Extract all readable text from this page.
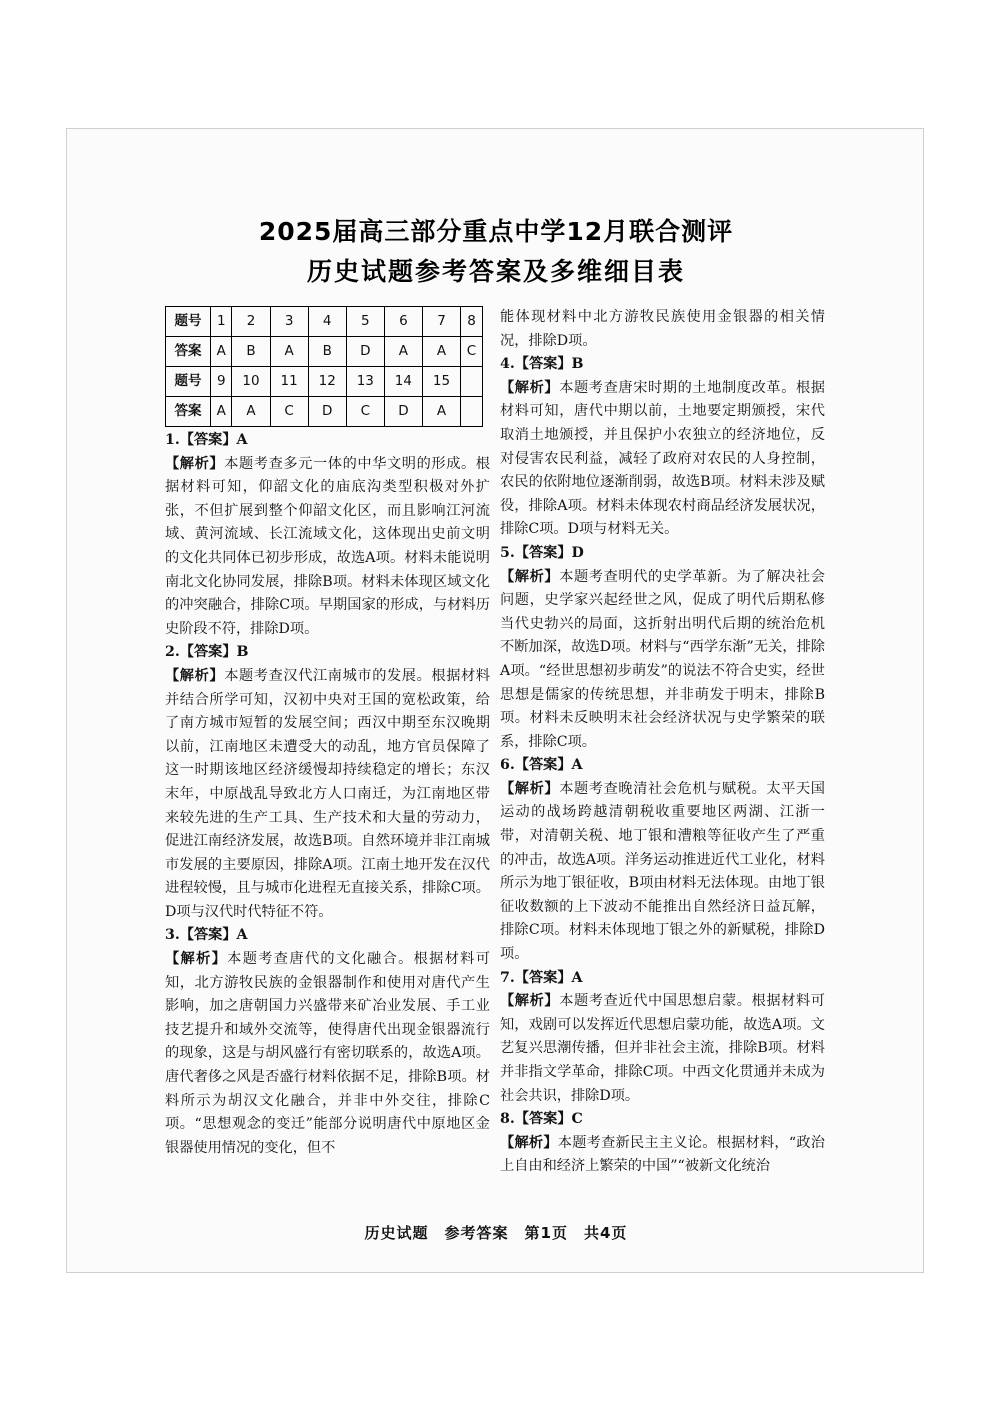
2025届高三部分重点中学12月联合测评
历史试题参考答案及多维细目表
题号	1	2	3	4	5	6	7	8
答案	A	B	A	B	D	A	A	C
题号	9	10	11	12	13	14	15	
答案	A	A	C	D	C	D	A	

1.【答案】A

【解析】本题考查多元一体的中华文明的形成。根据材料可知，仰韶文化的庙底沟类型积极对外扩张，不但扩展到整个仰韶文化区，而且影响江河流域、黄河流域、长江流域文化，这体现出史前文明的文化共同体已初步形成，故选A项。材料未能说明南北文化协同发展，排除B项。材料未体现区域文化的冲突融合，排除C项。早期国家的形成，与材料历史阶段不符，排除D项。

2.【答案】B

【解析】本题考查汉代江南城市的发展。根据材料并结合所学可知，汉初中央对王国的宽松政策，给了南方城市短暂的发展空间；西汉中期至东汉晚期以前，江南地区未遭受大的动乱，地方官员保障了这一时期该地区经济缓慢却持续稳定的增长；东汉末年，中原战乱导致北方人口南迁，为江南地区带来较先进的生产工具、生产技术和大量的劳动力，促进江南经济发展，故选B项。自然环境并非江南城市发展的主要原因，排除A项。江南土地开发在汉代进程较慢，且与城市化进程无直接关系，排除C项。D项与汉代时代特征不符。

3.【答案】A

【解析】本题考查唐代的文化融合。根据材料可知，北方游牧民族的金银器制作和使用对唐代产生影响，加之唐朝国力兴盛带来矿冶业发展、手工业技艺提升和域外交流等，使得唐代出现金银器流行的现象，这是与胡风盛行有密切联系的，故选A项。唐代奢侈之风是否盛行材料依据不足，排除B项。材料所示为胡汉文化融合，并非中外交往，排除C项。“思想观念的变迁”能部分说明唐代中原地区金银器使用情况的变化，但不

能体现材料中北方游牧民族使用金银器的相关情况，排除D项。

4.【答案】B

【解析】本题考查唐宋时期的土地制度改革。根据材料可知，唐代中期以前，土地要定期颁授，宋代取消土地颁授，并且保护小农独立的经济地位，反对侵害农民利益，减轻了政府对农民的人身控制，农民的依附地位逐渐削弱，故选B项。材料未涉及赋役，排除A项。材料未体现农村商品经济发展状况，排除C项。D项与材料无关。

5.【答案】D

【解析】本题考查明代的史学革新。为了解决社会问题，史学家兴起经世之风，促成了明代后期私修当代史勃兴的局面，这折射出明代后期的统治危机不断加深，故选D项。材料与“西学东渐”无关，排除A项。“经世思想初步萌发”的说法不符合史实，经世思想是儒家的传统思想，并非萌发于明末，排除B项。材料未反映明末社会经济状况与史学繁荣的联系，排除C项。

6.【答案】A

【解析】本题考查晚清社会危机与赋税。太平天国运动的战场跨越清朝税收重要地区两湖、江浙一带，对清朝关税、地丁银和漕粮等征收产生了严重的冲击，故选A项。洋务运动推进近代工业化，材料所示为地丁银征收，B项由材料无法体现。由地丁银征收数额的上下波动不能推出自然经济日益瓦解，排除C项。材料未体现地丁银之外的新赋税，排除D项。

7.【答案】A

【解析】本题考查近代中国思想启蒙。根据材料可知，戏剧可以发挥近代思想启蒙功能，故选A项。文艺复兴思潮传播，但并非社会主流，排除B项。材料并非指文学革命，排除C项。中西文化贯通并未成为社会共识，排除D项。

8.【答案】C

【解析】本题考查新民主主义论。根据材料，“政治上自由和经济上繁荣的中国”“被新文化统治

历史试题　参考答案　第1页　共4页
